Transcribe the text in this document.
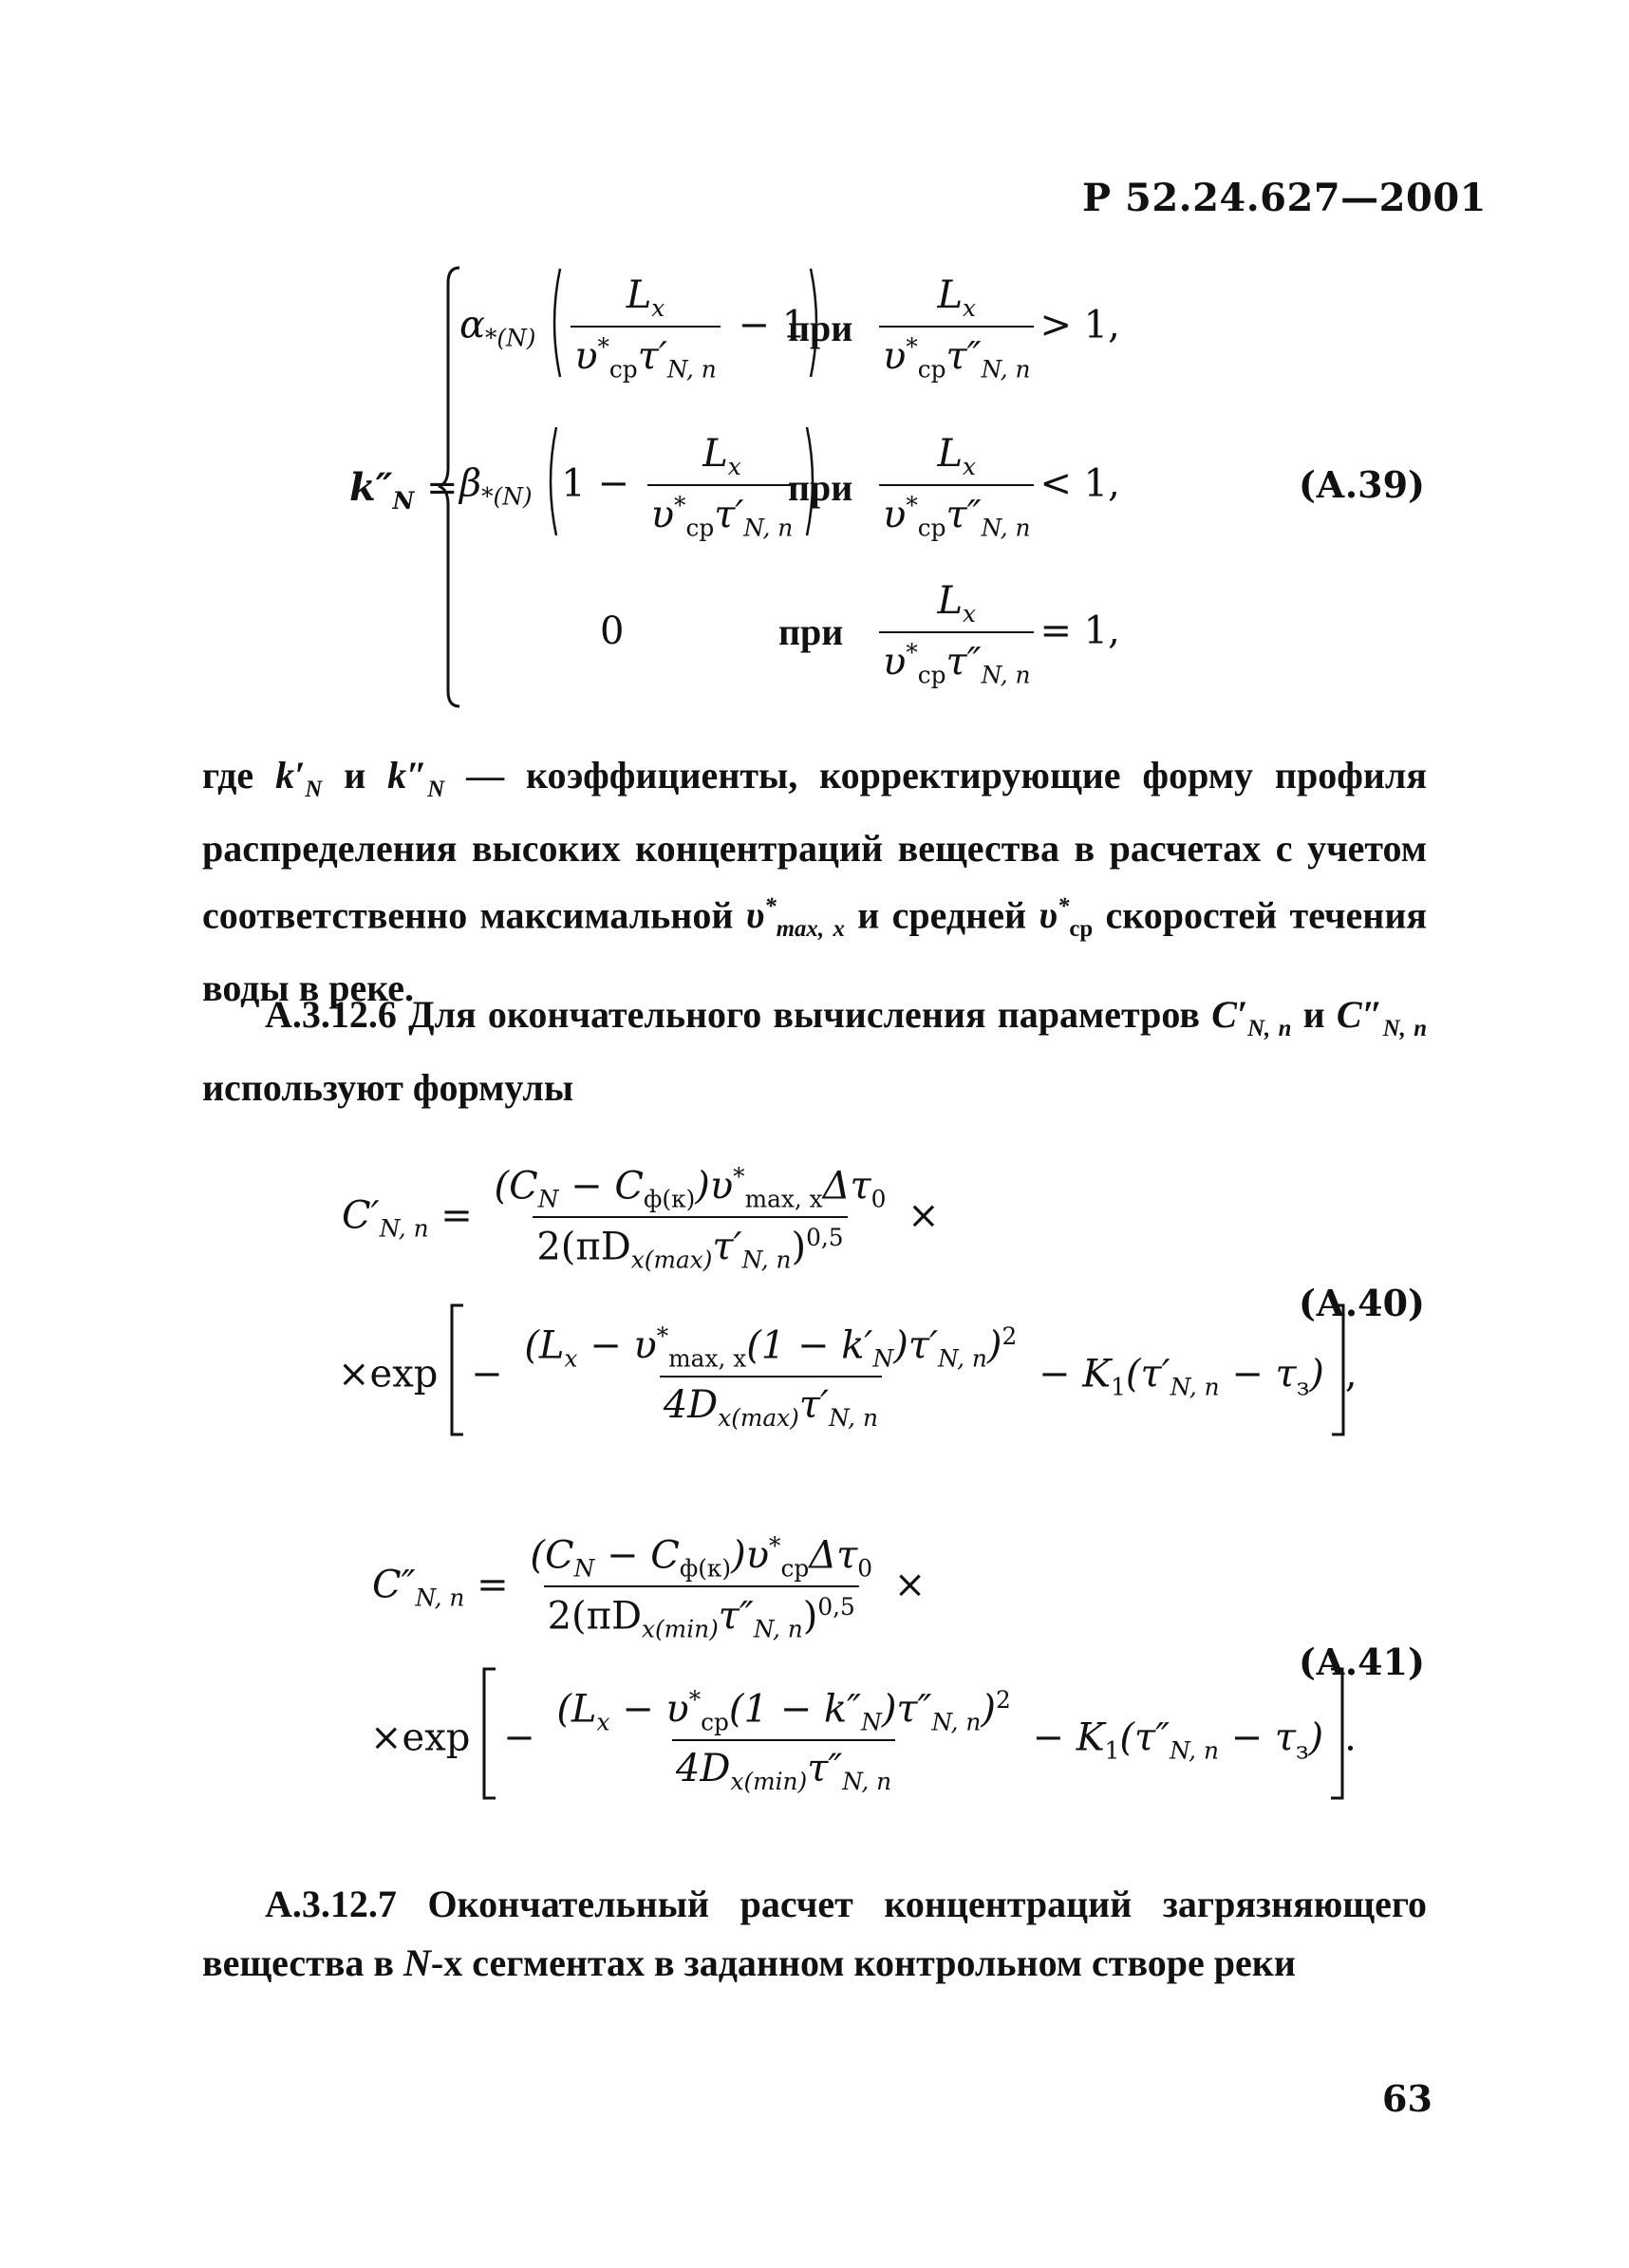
Р 52.24.627—2001
$k''_N$ =
$\alpha_{*(N)} \frac{L_x}{\upsilon^*_{ср}\tau'_{N, n}} - 1$
при $\frac{L_x}{\upsilon^*_{ср}\tau''_{N, n}} > 1$,
$\beta_{*(N)}$ $1 - \frac{L_x}{\upsilon^*_{ср}\tau'_{N, n}}$
при $\frac{L_x}{\upsilon^*_{ср}\tau''_{N, n}} < 1$,
0	при $\frac{L_x}{\upsilon^*_{ср}\tau''_{N, n}} = 1$,
(А.39)

где $k'_N$ и $k''_N$ — коэффициенты, корректирующие форму профиля распределения высоких концентраций вещества в расчетах с учетом соответственно максимальной $\upsilon^*_{max, x}$ и средней $\upsilon^*_{ср}$ скоростей течения воды в реке.

А.3.12.6 Для окончательного вычисления параметров $C'_{N, n}$ и $C''_{N, n}$ используют формулы

$C'_{N, n} = \frac{(C_N - C_{ф(к)})\upsilon^*_{max, x}\Delta\tau_0}{2(\pi D_{x(max)}\tau'_{N, n})^{0,5}}$ ×
$\times\exp - \frac{(L_x - \upsilon^*_{max, x}(1 - k'_N)\tau'_{N, n})^2}{4D_{x(max)}\tau'_{N, n}} - K_1(\tau'_{N, n} - \tau_з)$ ,
(А.40)
$C''_{N, n} = \frac{(C_N - C_{ф(к)})\upsilon^*_{ср}\Delta\tau_0}{2(\pi D_{x(min)}\tau''_{N, n})^{0,5}}$ ×
$\times\exp - \frac{(L_x - \upsilon^*_{ср}(1 - k''_N)\tau''_{N, n})^2}{4D_{x(min)}\tau''_{N, n}} - K_1(\tau''_{N, n} - \tau_з)$ .
(А.41)

А.3.12.7 Окончательный расчет концентраций загрязняющего вещества в N-х сегментах в заданном контрольном створе реки

63
